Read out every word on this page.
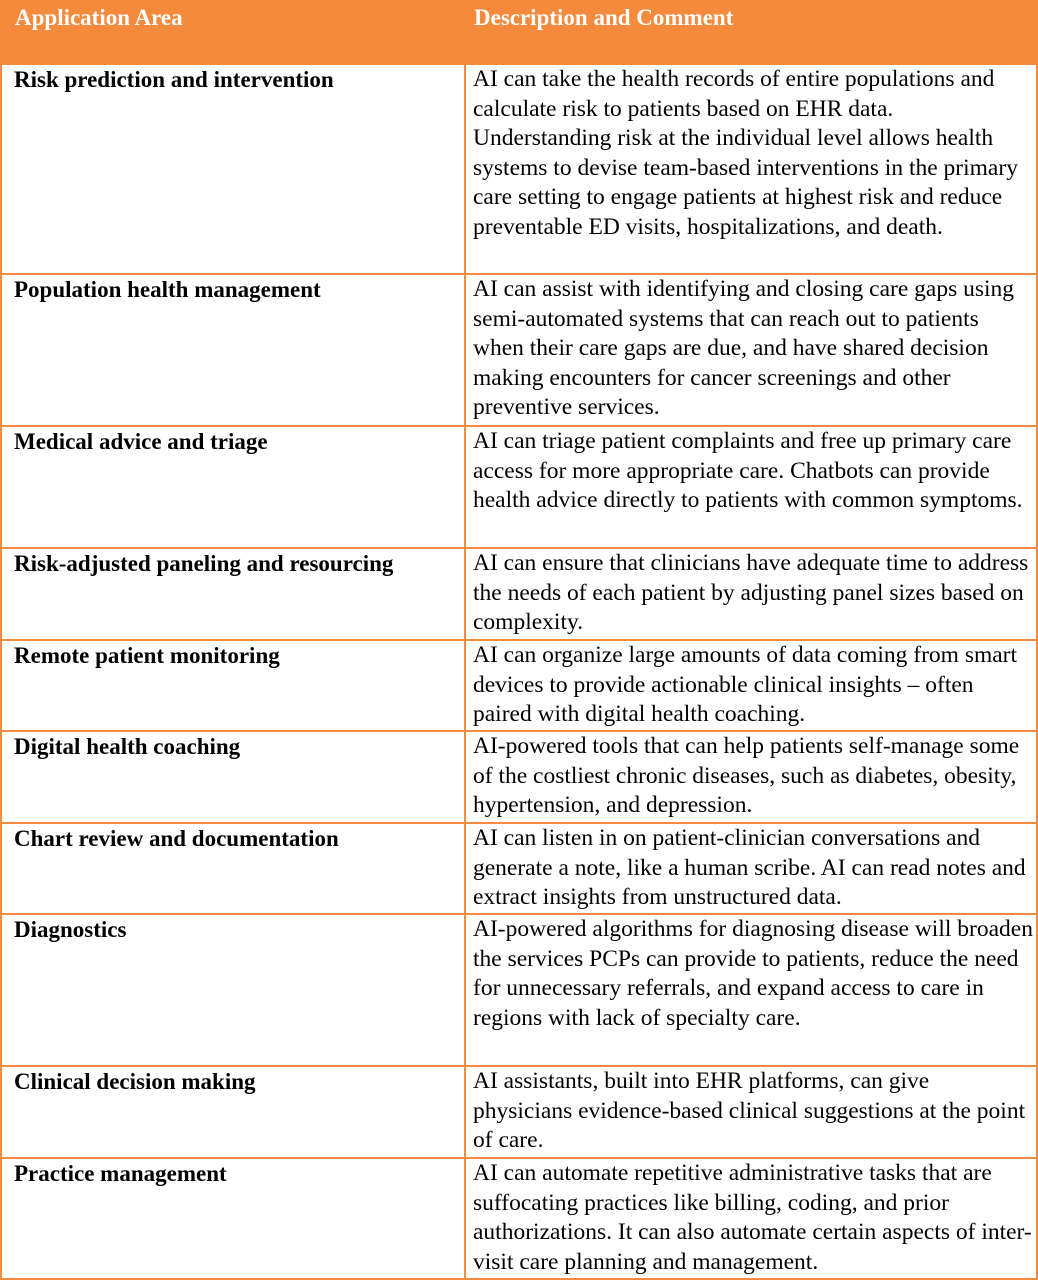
Application Area	Description and Comment
Risk prediction and intervention	AI can take the health records of entire populations and calculate risk to patients based on EHR data. Understanding risk at the individual level allows health systems to devise team-based interventions in the primary care setting to engage patients at highest risk and reduce preventable ED visits, hospitalizations, and death.
Population health management	AI can assist with identifying and closing care gaps using semi-automated systems that can reach out to patients when their care gaps are due, and have shared decision making encounters for cancer screenings and other preventive services.
Medical advice and triage	AI can triage patient complaints and free up primary care access for more appropriate care. Chatbots can provide health advice directly to patients with common symptoms.
Risk-adjusted paneling and resourcing	AI can ensure that clinicians have adequate time to address the needs of each patient by adjusting panel sizes based on complexity.
Remote patient monitoring	AI can organize large amounts of data coming from smart devices to provide actionable clinical insights – often paired with digital health coaching.
Digital health coaching	AI-powered tools that can help patients self-manage some of the costliest chronic diseases, such as diabetes, obesity, hypertension, and depression.
Chart review and documentation	AI can listen in on patient-clinician conversations and generate a note, like a human scribe. AI can read notes and extract insights from unstructured data.
Diagnostics	AI-powered algorithms for diagnosing disease will broaden the services PCPs can provide to patients, reduce the need for unnecessary referrals, and expand access to care in regions with lack of specialty care.
Clinical decision making	AI assistants, built into EHR platforms, can give physicians evidence-based clinical suggestions at the point of care.
Practice management	AI can automate repetitive administrative tasks that are suffocating practices like billing, coding, and prior authorizations. It can also automate certain aspects of inter-visit care planning and management.
